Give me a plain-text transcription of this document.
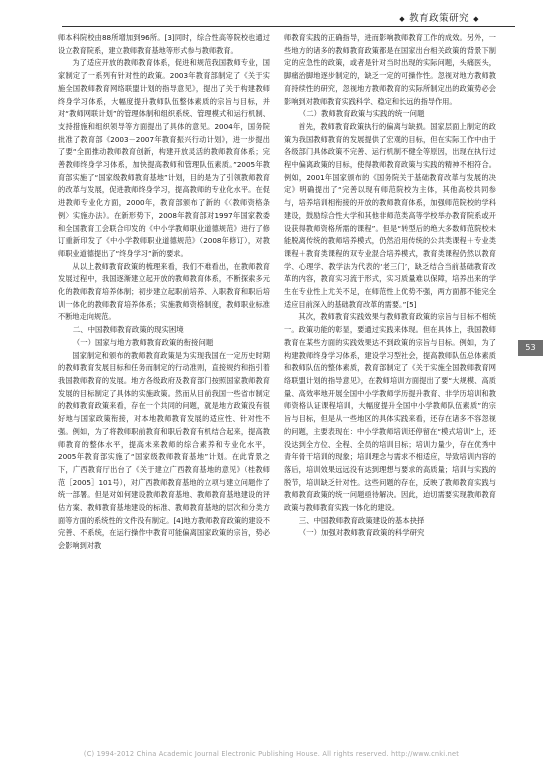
◆ 教育政策研究 ◆

师本科院校由88所增加到96所。[3]同时，综合性高等院校也通过设立教育院系，建立教师教育基地等形式参与教师教育。

为了适应开放的教师教育体系，促进和规范我国教师专业，国家制定了一系列有针对性的政策。2003年教育部制定了《关于实施全国教师教育网络联盟计划的指导意见》，提出了关于构建教师终身学习体系，大幅度提升教师队伍整体素质的宗旨与目标，并对“教师网联计划”的管理体制和组织系统、管理模式和运行机制、支持措施和组织领导等方面提出了具体的意见。2004年，国务院批准了教育部《2003－2007年教育振兴行动计划》，进一步提出了要“全面推动教师教育创新，构建开放灵活的教师教育体系；完善教师终身学习体系，加快提高教师和管理队伍素质。”2005年教育部实施了“国家级教师教育基地”计划，目的是为了引领教师教育的改革与发展，促进教师终身学习，提高教师的专业化水平。在促进教师专业化方面，2000年，教育部颁布了新的《〈教师资格条例〉实施办法》。在新形势下，2008年教育部对1997年国家教委和全国教育工会联合印发的《中小学教师职业道德规范》进行了修订重新印发了《中小学教师职业道德规范》（2008年修订），对教师职业道德提出了“终身学习”新的要求。

从以上教师教育政策的梳理来看，我们不难看出，在教师教育发展过程中，我国逐渐建立起开放的教师教育体系，不断探索多元化的教师教育培养体制；初步建立起职前培养、入职教育和职后培训一体化的教师教育培养体系；实施教师资格制度，教师职业标准不断地走向规范。

二、中国教师教育政策的现实困境
（一）国家与地方教师教育政策的衔接问题

国家制定和颁布的教师教育政策是为实现我国在一定历史时期的教师教育发展目标和任务而制定的行动准则，直接规约和指引着我国教师教育的发展。地方各级政府及教育部门按照国家教师教育发展的目标制定了具体的实施政策。然而从目前我国一些省市制定的教师教育政策来看，存在一个共同的问题，就是地方政策没有很好地与国家政策衔接，对本地教师教育发展的适应性、针对性不强。例如，为了将教师职前教育和职后教育有机结合起来，提高教师教育的整体水平，提高未来教师的综合素养和专业化水平，2005年教育部实施了“国家级教师教育基地”计划。在此背景之下，广西教育厅出台了《关于建立广西教育基地的意见》（桂教师范［2005］101号），对广西教师教育基地的立项与建立问题作了统一部署。但是对如何建设教师教育基地、教师教育基地建设的评估方案、教师教育基地建设的标准、教师教育基地的层次和分类方面等方面的系统性的文件没有制定。[4]地方教师教育政策的建设不完善、不系统，在运行操作中教育可能偏离国家政策的宗旨，势必会影响到对教

师教育实践的正确指导，进而影响教师教育工作的成效。另外，一些地方的诸多的教师教育政策都是在国家出台相关政策的背景下制定的应急性的政策，或者是针对当时出现的实际问题，头痛医头，脚痛治脚地逐步制定的，缺乏一定的可操作性。忽视对地方教师教育持续性的研究，忽视地方教师教育的实际所制定出的政策势必会影响到对教师教育实践科学、稳定和长远的指导作用。

（二）教师教育政策与实践的统一问题

首先，教师教育政策执行的偏离与缺损。国家层面上制定的政策为我国教师教育的发展提供了宏观的目标，但在实际工作中由于各级部门具体政策不完善、运行机制不健全等原因，出现在执行过程中偏离政策的目标，使得教师教育政策与实践的精神不相符合。例如，2001年国家颁布的《国务院关于基础教育改革与发展的决定》明确提出了“完善以现有师范院校为主体，其他高校共同参与，培养培训相衔接的开放的教师教育体系，加强师范院校的学科建设，鼓励综合性大学和其他非师范类高等学校举办教育院系或开设获得教师资格所需的课程”。但是“转型后的绝大多数师范院校未能脱离传统的教师培养模式，仍然沿用传统的公共类课程＋专业类课程＋教育类课程的双专业混合培养模式，教育类课程仍然以教育学、心理学、教学法为代表的‘老三门’，缺乏结合当前基础教育改革的内容，教育实习流于形式，实习质量难以保障，培养出来的学生在专业性上尤关不足，在师范性上优势不强，两方面都不能完全适应目前深入的基础教育改革的需要。”[5]

其次，教师教育实践效果与教师教育政策的宗旨与目标不相统一。政策功能的彰显，要通过实践来体现。但在具体上，我国教师教育在某些方面的实践效果达不到政策的宗旨与目标。例如，为了构建教师终身学习体系，建设学习型社会，提高教师队伍总体素质和教师队伍的整体素质，教育部制定了《关于实施全国教师教育网络联盟计划的指导意见》，在教师培训方面提出了要“大规模、高质量、高效率地开展全国中小学教师学历提升教育、非学历培训和教师资格认证课程培训，大幅度提升全国中小学教师队伍素质”的宗旨与目标，但是从一些地区的具体实践来看，还存在诸多不容忽视的问题，主要表现在：中小学教师培训还停留在“模式培训”上，还没达到全方位、全程、全员的培训目标；培训力量少，存在优秀中青年骨干培训的现象；培训理念与需求不相适应，导致培训内容的落后，培训效果远远没有达到理想与要求的高质量；培训与实践的脱节，培训缺乏针对性。这些问题的存在，反映了教师教育实践与教师教育政策的统一问题亟待解决。因此，迫切需要实现教师教育政策与教师教育实践一体化的建设。

三、中国教师教育政策建设的基本抉择
（一）加强对教师教育政策的科学研究
53
(C) 1994-2012 China Academic Journal Electronic Publishing House. All rights reserved. http://www.cnki.net
